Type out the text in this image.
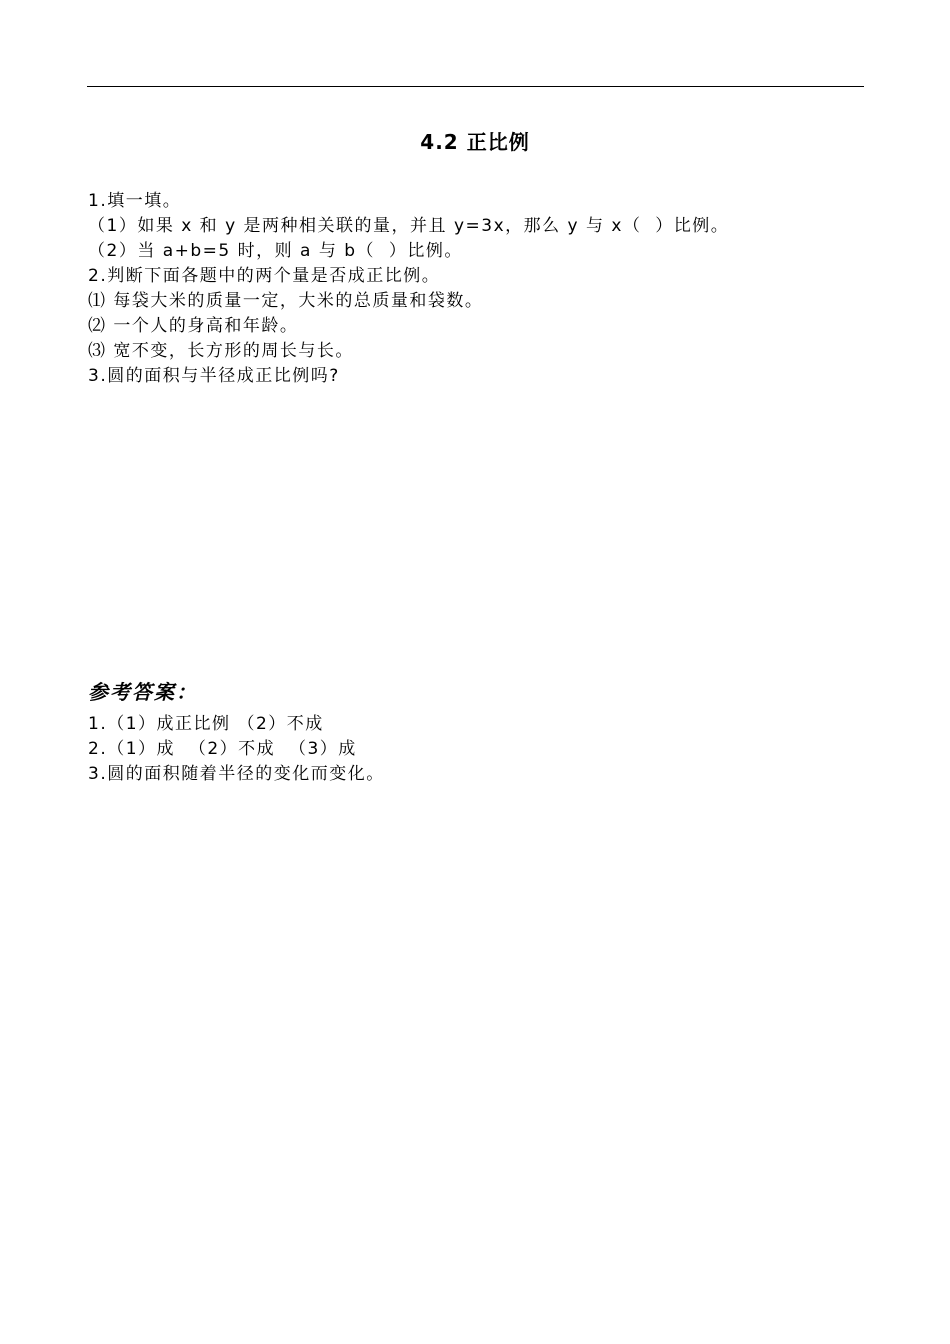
4.2 正比例
1.填一填。
（1）如果 x 和 y 是两种相关联的量，并且 y=3x，那么 y 与 x（  ）比例。
（2）当 a+b=5 时，则 a 与 b（  ）比例。
2.判断下面各题中的两个量是否成正比例。
⑴ 每袋大米的质量一定，大米的总质量和袋数。
⑵ 一个人的身高和年龄。
⑶ 宽不变，长方形的周长与长。
3.圆的面积与半径成正比例吗?
参考答案：
1.（1）成正比例 （2）不成
2.（1）成  （2）不成  （3）成
3.圆的面积随着半径的变化而变化。
